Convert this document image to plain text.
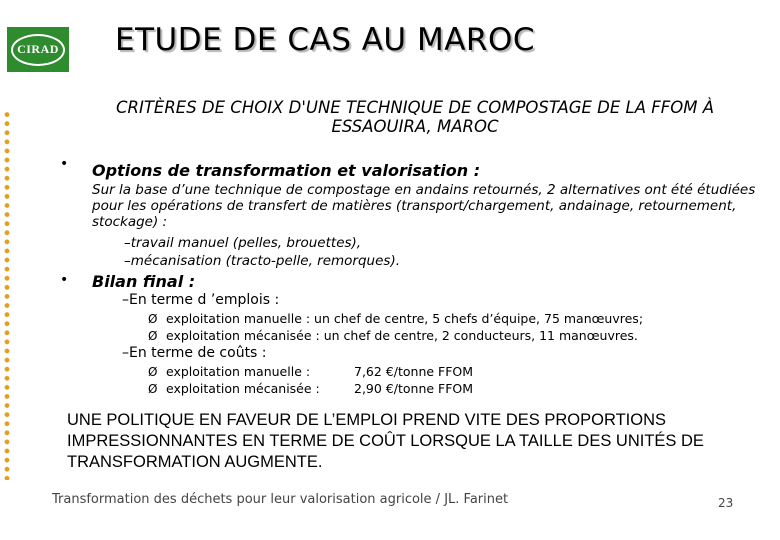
CIRAD ETUDE DE CAS AU MAROC
CRITÈRES DE CHOIX D'UNE TECHNIQUE DE COMPOSTAGE DE LA FFOM À ESSAOUIRA, MAROC
• Options de transformation et valorisation :
Sur la base d’une technique de compostage en andains retournés, 2 alternatives ont été étudiées pour les opérations de transfert de matières (transport/chargement, andainage, retournement, stockage) :
–travail manuel (pelles, brouettes),
–mécanisation (tracto-pelle, remorques).
• Bilan final :
–En terme d ’emplois :
Ø exploitation manuelle : un chef de centre, 5 chefs d’équipe, 75 manœuvres;
Ø exploitation mécanisée : un chef de centre, 2 conducteurs, 11 manœuvres.
–En terme de coûts :
Ø exploitation manuelle :	7,62 €/tonne FFOM
Ø exploitation mécanisée :	2,90 €/tonne FFOM
UNE POLITIQUE EN FAVEUR DE L’EMPLOI PREND VITE DES PROPORTIONS IMPRESSIONNANTES EN TERME DE COÛT LORSQUE LA TAILLE DES UNITÉS DE TRANSFORMATION AUGMENTE.
Transformation des déchets pour leur valorisation agricole / JL. Farinet	23
